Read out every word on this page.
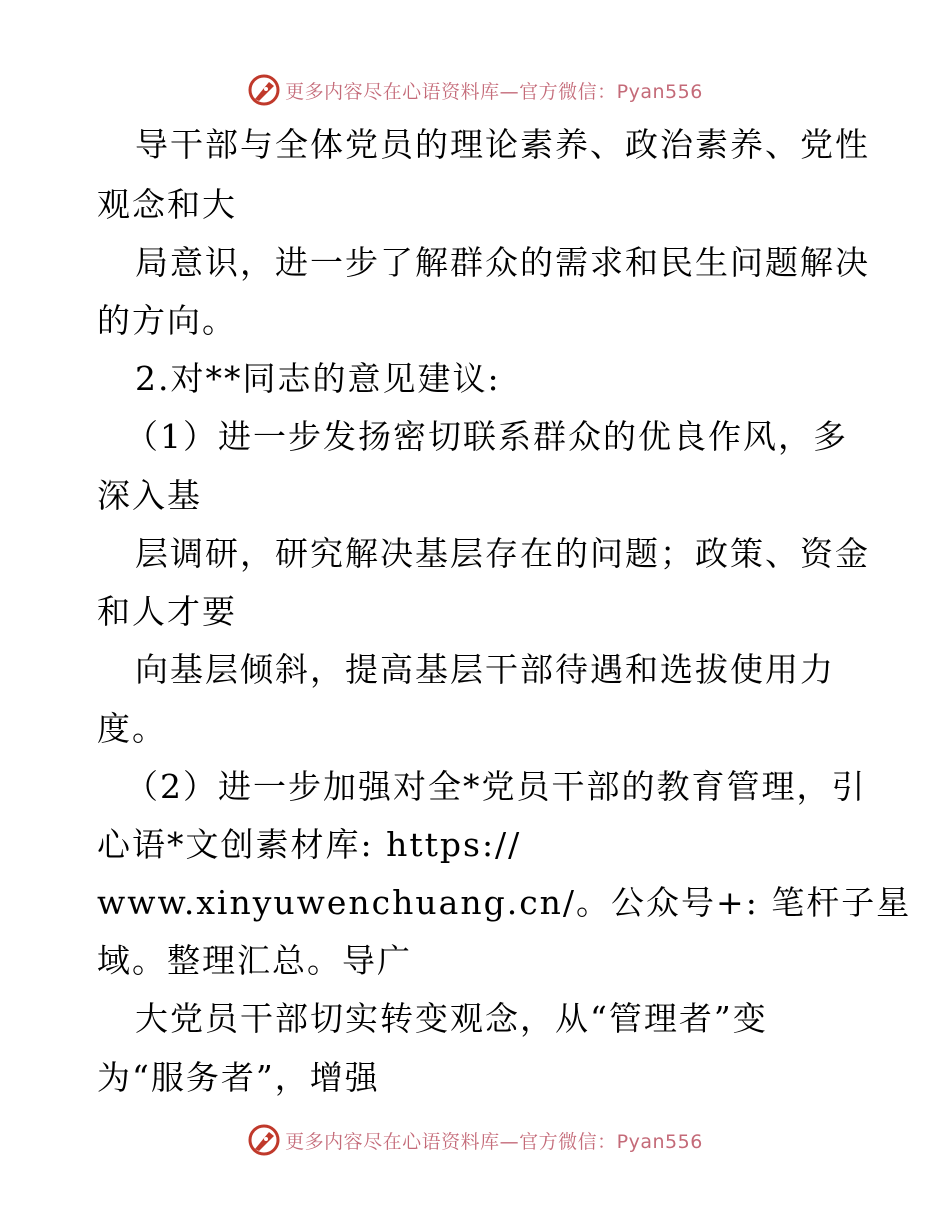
更多内容尽在心语资料库—官方微信：Pyan556
导干部与全体党员的理论素养、政治素养、党性
观念和大
局意识，进一步了解群众的需求和民生问题解决
的方向。
2.对**同志的意见建议:
（1）进一步发扬密切联系群众的优良作风，多
深入基
层调研，研究解决基层存在的问题；政策、资金
和人才要
向基层倾斜，提高基层干部待遇和选拔使用力
度。
（2）进一步加强对全*党员干部的教育管理，引
心语*文创素材库: https://
www.xinyuwenchuang.cn/。公众号+: 笔杆子星
域。整理汇总。导广
大党员干部切实转变观念，从“管理者”变
为“服务者”，增强
更多内容尽在心语资料库—官方微信：Pyan556
